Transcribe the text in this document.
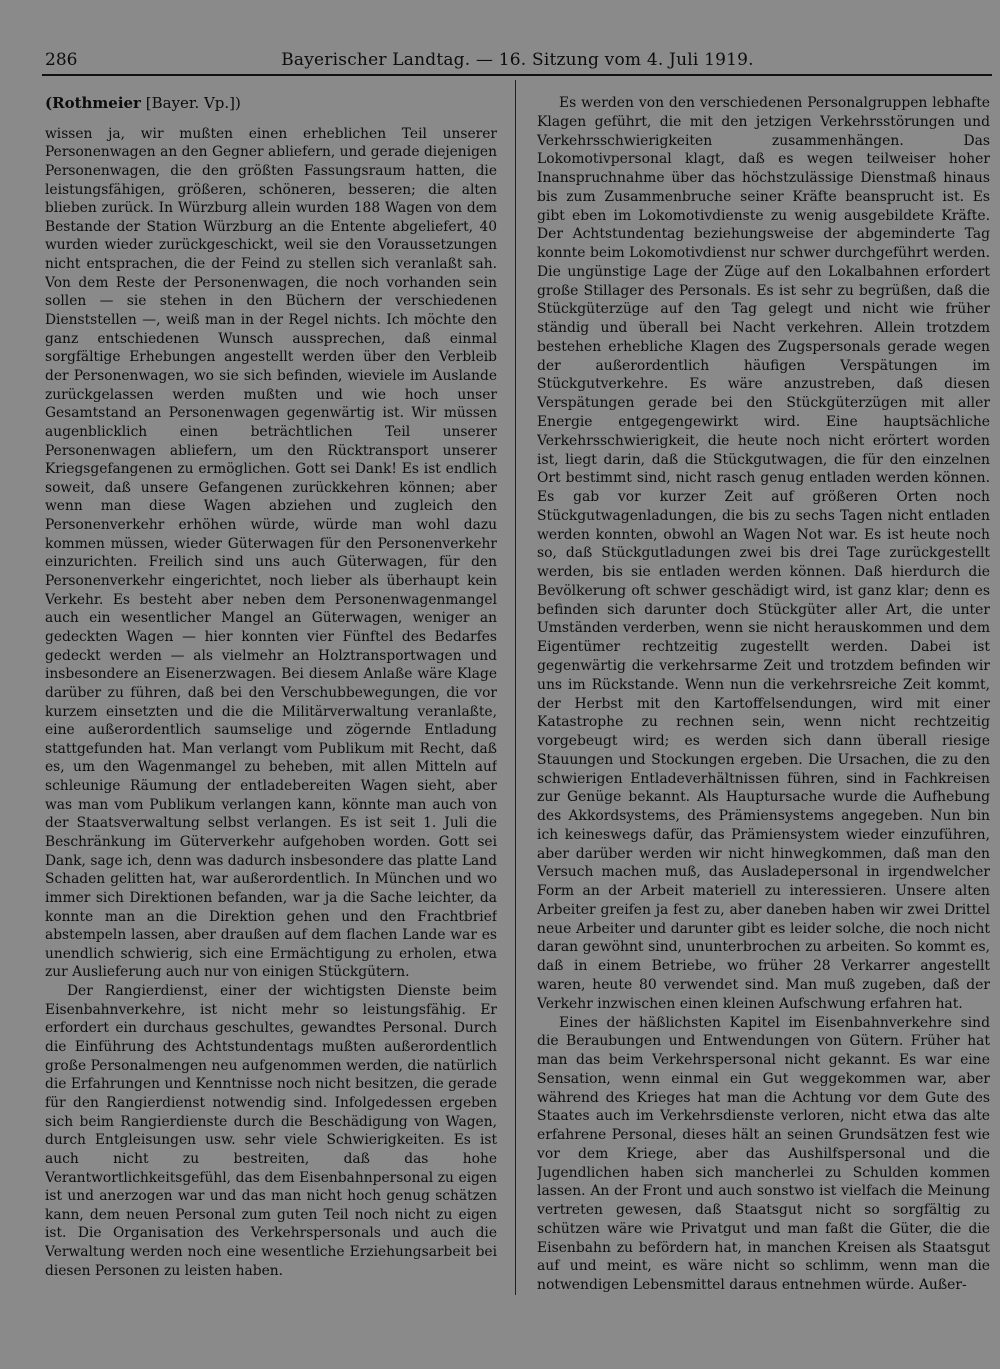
286	Bayerischer Landtag. — 16. Sitzung vom 4. Juli 1919.
(Rothmeier [Bayer. Vp.])

wissen ja, wir mußten einen erheblichen Teil unserer Personenwagen an den Gegner abliefern, und gerade diejenigen Personenwagen, die den größten Fassungsraum hatten, die leistungsfähigen, größeren, schöneren, besseren; die alten blieben zurück. In Würzburg allein wurden 188 Wagen von dem Bestande der Station Würzburg an die Entente abgeliefert, 40 wurden wieder zurückgeschickt, weil sie den Voraussetzungen nicht entsprachen, die der Feind zu stellen sich veranlaßt sah. Von dem Reste der Personenwagen, die noch vorhanden sein sollen — sie stehen in den Büchern der verschiedenen Dienststellen —, weiß man in der Regel nichts. Ich möchte den ganz entschiedenen Wunsch aussprechen, daß einmal sorgfältige Erhebungen angestellt werden über den Verbleib der Personenwagen, wo sie sich befinden, wieviele im Auslande zurückgelassen werden mußten und wie hoch unser Gesamtstand an Personenwagen gegenwärtig ist. Wir müssen augenblicklich einen beträchtlichen Teil unserer Personenwagen abliefern, um den Rücktransport unserer Kriegsgefangenen zu ermöglichen. Gott sei Dank! Es ist endlich soweit, daß unsere Gefangenen zurückkehren können; aber wenn man diese Wagen abziehen und zugleich den Personenverkehr erhöhen würde, würde man wohl dazu kommen müssen, wieder Güterwagen für den Personenverkehr einzurichten. Freilich sind uns auch Güterwagen, für den Personenverkehr eingerichtet, noch lieber als überhaupt kein Verkehr. Es besteht aber neben dem Personenwagenmangel auch ein wesentlicher Mangel an Güterwagen, weniger an gedeckten Wagen — hier konnten vier Fünftel des Bedarfes gedeckt werden — als vielmehr an Holztransportwagen und insbesondere an Eisenerzwagen. Bei diesem Anlaße wäre Klage darüber zu führen, daß bei den Verschubbewegungen, die vor kurzem einsetzten und die die Militärverwaltung veranlaßte, eine außerordentlich saumselige und zögernde Entladung stattgefunden hat. Man verlangt vom Publikum mit Recht, daß es, um den Wagenmangel zu beheben, mit allen Mitteln auf schleunige Räumung der entladebereiten Wagen sieht, aber was man vom Publikum verlangen kann, könnte man auch von der Staatsverwaltung selbst verlangen. Es ist seit 1. Juli die Beschränkung im Güterverkehr aufgehoben worden. Gott sei Dank, sage ich, denn was dadurch insbesondere das platte Land Schaden gelitten hat, war außerordentlich. In München und wo immer sich Direktionen befanden, war ja die Sache leichter, da konnte man an die Direktion gehen und den Frachtbrief abstempeln lassen, aber draußen auf dem flachen Lande war es unendlich schwierig, sich eine Ermächtigung zu erholen, etwa zur Auslieferung auch nur von einigen Stückgütern.

Der Rangierdienst, einer der wichtigsten Dienste beim Eisenbahnverkehre, ist nicht mehr so leistungsfähig. Er erfordert ein durchaus geschultes, gewandtes Personal. Durch die Einführung des Achtstundentags mußten außerordentlich große Personalmengen neu aufgenommen werden, die natürlich die Erfahrungen und Kenntnisse noch nicht besitzen, die gerade für den Rangierdienst notwendig sind. Infolgedessen ergeben sich beim Rangierdienste durch die Beschädigung von Wagen, durch Entgleisungen usw. sehr viele Schwierigkeiten. Es ist auch nicht zu bestreiten, daß das hohe Verantwortlichkeitsgefühl, das dem Eisenbahnpersonal zu eigen ist und anerzogen war und das man nicht hoch genug schätzen kann, dem neuen Personal zum guten Teil noch nicht zu eigen ist. Die Organisation des Verkehrspersonals und auch die Verwaltung werden noch eine wesentliche Erziehungsarbeit bei diesen Personen zu leisten haben.

Es werden von den verschiedenen Personalgruppen lebhafte Klagen geführt, die mit den jetzigen Verkehrsstörungen und Verkehrsschwierigkeiten zusammenhängen. Das Lokomotivpersonal klagt, daß es wegen teilweiser hoher Inanspruchnahme über das höchstzulässige Dienstmaß hinaus bis zum Zusammenbruche seiner Kräfte beansprucht ist. Es gibt eben im Lokomotivdienste zu wenig ausgebildete Kräfte. Der Achtstundentag beziehungsweise der abgeminderte Tag konnte beim Lokomotivdienst nur schwer durchgeführt werden. Die ungünstige Lage der Züge auf den Lokalbahnen erfordert große Stillager des Personals. Es ist sehr zu begrüßen, daß die Stückgüterzüge auf den Tag gelegt und nicht wie früher ständig und überall bei Nacht verkehren. Allein trotzdem bestehen erhebliche Klagen des Zugspersonals gerade wegen der außerordentlich häufigen Verspätungen im Stückgutverkehre. Es wäre anzustreben, daß diesen Verspätungen gerade bei den Stückgüterzügen mit aller Energie entgegengewirkt wird. Eine hauptsächliche Verkehrsschwierigkeit, die heute noch nicht erörtert worden ist, liegt darin, daß die Stückgutwagen, die für den einzelnen Ort bestimmt sind, nicht rasch genug entladen werden können. Es gab vor kurzer Zeit auf größeren Orten noch Stückgutwagenladungen, die bis zu sechs Tagen nicht entladen werden konnten, obwohl an Wagen Not war. Es ist heute noch so, daß Stückgutladungen zwei bis drei Tage zurückgestellt werden, bis sie entladen werden können. Daß hierdurch die Bevölkerung oft schwer geschädigt wird, ist ganz klar; denn es befinden sich darunter doch Stückgüter aller Art, die unter Umständen verderben, wenn sie nicht herauskommen und dem Eigentümer rechtzeitig zugestellt werden. Dabei ist gegenwärtig die verkehrsarme Zeit und trotzdem befinden wir uns im Rückstande. Wenn nun die verkehrsreiche Zeit kommt, der Herbst mit den Kartoffelsendungen, wird mit einer Katastrophe zu rechnen sein, wenn nicht rechtzeitig vorgebeugt wird; es werden sich dann überall riesige Stauungen und Stockungen ergeben. Die Ursachen, die zu den schwierigen Entladeverhältnissen führen, sind in Fachkreisen zur Genüge bekannt. Als Hauptursache wurde die Aufhebung des Akkordsystems, des Prämiensystems angegeben. Nun bin ich keineswegs dafür, das Prämiensystem wieder einzuführen, aber darüber werden wir nicht hinwegkommen, daß man den Versuch machen muß, das Ausladepersonal in irgendwelcher Form an der Arbeit materiell zu interessieren. Unsere alten Arbeiter greifen ja fest zu, aber daneben haben wir zwei Drittel neue Arbeiter und darunter gibt es leider solche, die noch nicht daran gewöhnt sind, ununterbrochen zu arbeiten. So kommt es, daß in einem Betriebe, wo früher 28 Verkarrer angestellt waren, heute 80 verwendet sind. Man muß zugeben, daß der Verkehr inzwischen einen kleinen Aufschwung erfahren hat.

Eines der häßlichsten Kapitel im Eisenbahnverkehre sind die Beraubungen und Entwendungen von Gütern. Früher hat man das beim Verkehrspersonal nicht gekannt. Es war eine Sensation, wenn einmal ein Gut weggekommen war, aber während des Krieges hat man die Achtung vor dem Gute des Staates auch im Verkehrsdienste verloren, nicht etwa das alte erfahrene Personal, dieses hält an seinen Grundsätzen fest wie vor dem Kriege, aber das Aushilfspersonal und die Jugendlichen haben sich mancherlei zu Schulden kommen lassen. An der Front und auch sonstwo ist vielfach die Meinung vertreten gewesen, daß Staatsgut nicht so sorgfältig zu schützen wäre wie Privatgut und man faßt die Güter, die die Eisenbahn zu befördern hat, in manchen Kreisen als Staatsgut auf und meint, es wäre nicht so schlimm, wenn man die notwendigen Lebensmittel daraus entnehmen würde. Außer-
